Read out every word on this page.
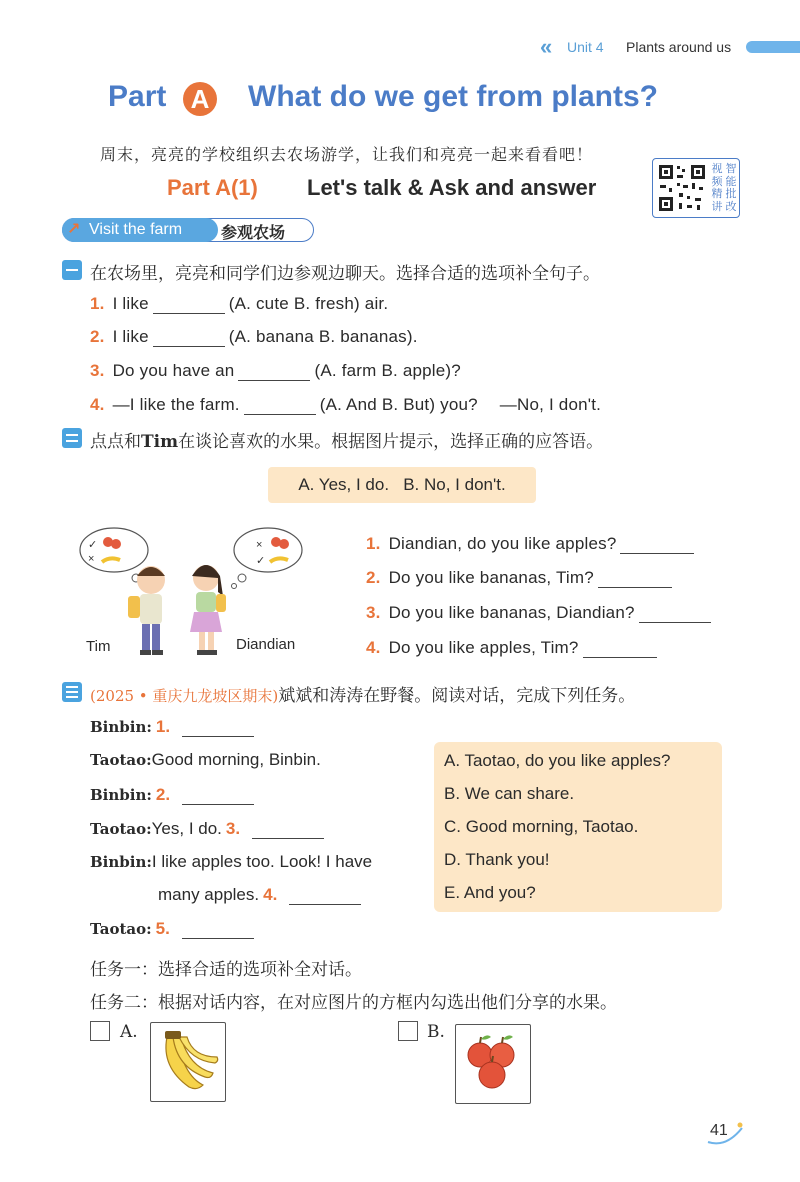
« Unit 4 Plants around us
Part A What do we get from plants?
周末，亮亮的学校组织去农场游学，让我们和亮亮一起来看看吧！
Part A(1) Let's talk & Ask and answer
视 智
频 能
精 批
讲 改
↗ Visit the farm 参观农场
在农场里，亮亮和同学们边参观边聊天。选择合适的选项补全句子。
1. I like	(A. cute B. fresh) air.
2. I like	(A. banana B. bananas).
3. Do you have an	(A. farm B. apple)?
4. —I like the farm.	(A. And B. But) you? —No, I don't.
点点和Tim在谈论喜欢的水果。根据图片提示，选择正确的应答语。
A. Yes, I do.   B. No, I don't.
✓
×
×
✓
Tim	Diandian
1. Diandian, do you like apples?
2. Do you like bananas, Tim?
3. Do you like bananas, Diandian?
4. Do you like apples, Tim?
(2025 • 重庆九龙坡区期末)斌斌和涛涛在野餐。阅读对话，完成下列任务。
Binbin: 1.
Taotao:Good morning, Binbin.
Binbin: 2.
Taotao:Yes, I do. 3.
Binbin:I like apples too. Look! I have
many apples. 4.
Taotao: 5.
A. Taotao, do you like apples?
B. We can share.
C. Good morning, Taotao.
D. Thank you!
E. And you?
任务一：选择合适的选项补全对话。
任务二：根据对话内容，在对应图片的方框内勾选出他们分享的水果。
A.	B.
41
